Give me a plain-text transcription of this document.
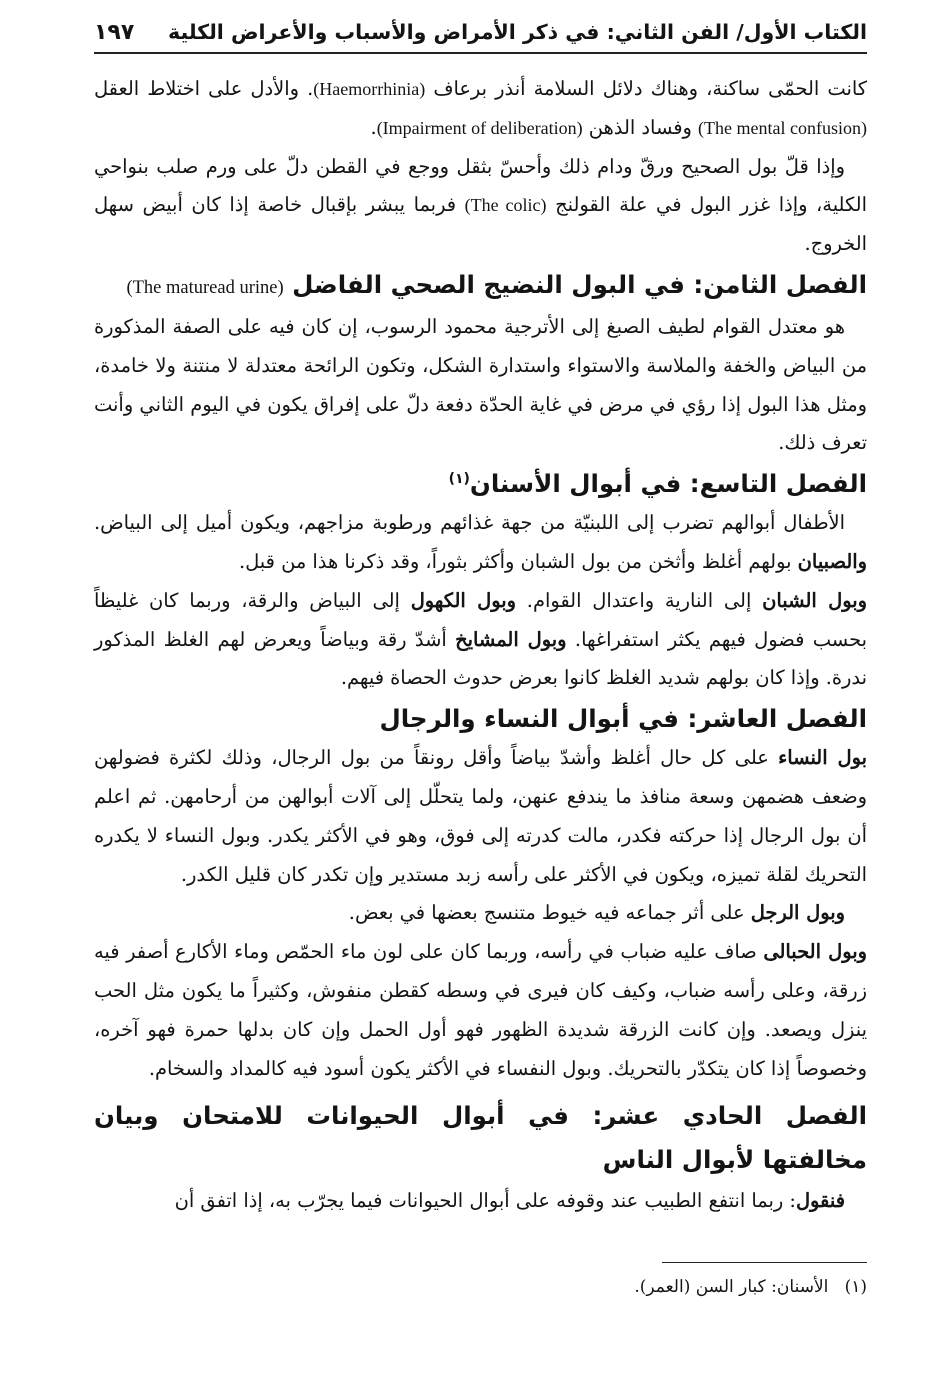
الكتاب الأول/ الفن الثاني: في ذكر الأمراض والأسباب والأعراض الكلية
١٩٧

كانت الحمّى ساكنة، وهناك دلائل السلامة أنذر برعاف (Haemorrhinia). والأدل على اختلاط العقل (The mental confusion) وفساد الذهن (Impairment of deliberation).

وإذا قلّ بول الصحيح ورقّ ودام ذلك وأحسّ بثقل ووجع في القطن دلّ على ورم صلب بنواحي الكلية، وإذا غزر البول في علة القولنج (The colic) فربما يبشر بإقبال خاصة إذا كان أبيض سهل الخروج.

الفصل الثامن: في البول النضيج الصحي الفاضل (The maturead urine)

هو معتدل القوام لطيف الصبغ إلى الأترجية محمود الرسوب، إن كان فيه على الصفة المذكورة من البياض والخفة والملاسة والاستواء واستدارة الشكل، وتكون الرائحة معتدلة لا منتنة ولا خامدة، ومثل هذا البول إذا رؤي في مرض في غاية الحدّة دفعة دلّ على إفراق يكون في اليوم الثاني وأنت تعرف ذلك.

الفصل التاسع: في أبوال الأسنان$^{(١)}$

الأطفال أبوالهم تضرب إلى اللبنيّة من جهة غذائهم ورطوبة مزاجهم، ويكون أميل إلى البياض. والصبيان بولهم أغلظ وأثخن من بول الشبان وأكثر بثوراً، وقد ذكرنا هذا من قبل.

وبول الشبان إلى النارية واعتدال القوام. وبول الكهول إلى البياض والرقة، وربما كان غليظاً بحسب فضول فيهم يكثر استفراغها. وبول المشايخ أشدّ رقة وبياضاً ويعرض لهم الغلظ المذكور ندرة. وإذا كان بولهم شديد الغلظ كانوا بعرض حدوث الحصاة فيهم.

الفصل العاشر: في أبوال النساء والرجال

بول النساء على كل حال أغلظ وأشدّ بياضاً وأقل رونقاً من بول الرجال، وذلك لكثرة فضولهن وضعف هضمهن وسعة منافذ ما يندفع عنهن، ولما يتحلّل إلى آلات أبوالهن من أرحامهن. ثم اعلم أن بول الرجال إذا حركته فكدر، مالت كدرته إلى فوق، وهو في الأكثر يكدر. وبول النساء لا يكدره التحريك لقلة تميزه، ويكون في الأكثر على رأسه زبد مستدير وإن تكدر كان قليل الكدر.

وبول الرجل على أثر جماعه فيه خيوط متنسج بعضها في بعض.

وبول الحبالى صاف عليه ضباب في رأسه، وربما كان على لون ماء الحمّص وماء الأكارع أصفر فيه زرقة، وعلى رأسه ضباب، وكيف كان فيرى في وسطه كقطن منفوش، وكثيراً ما يكون مثل الحب ينزل ويصعد. وإن كانت الزرقة شديدة الظهور فهو أول الحمل وإن كان بدلها حمرة فهو آخره، وخصوصاً إذا كان يتكدّر بالتحريك. وبول النفساء في الأكثر يكون أسود فيه كالمداد والسخام.

الفصل الحادي عشر: في أبوال الحيوانات للامتحان وبيان مخالفتها لأبوال الناس

فنقول: ربما انتفع الطبيب عند وقوفه على أبوال الحيوانات فيما يجرّب به، إذا اتفق أن

(١)   الأسنان: كبار السن (العمر).
